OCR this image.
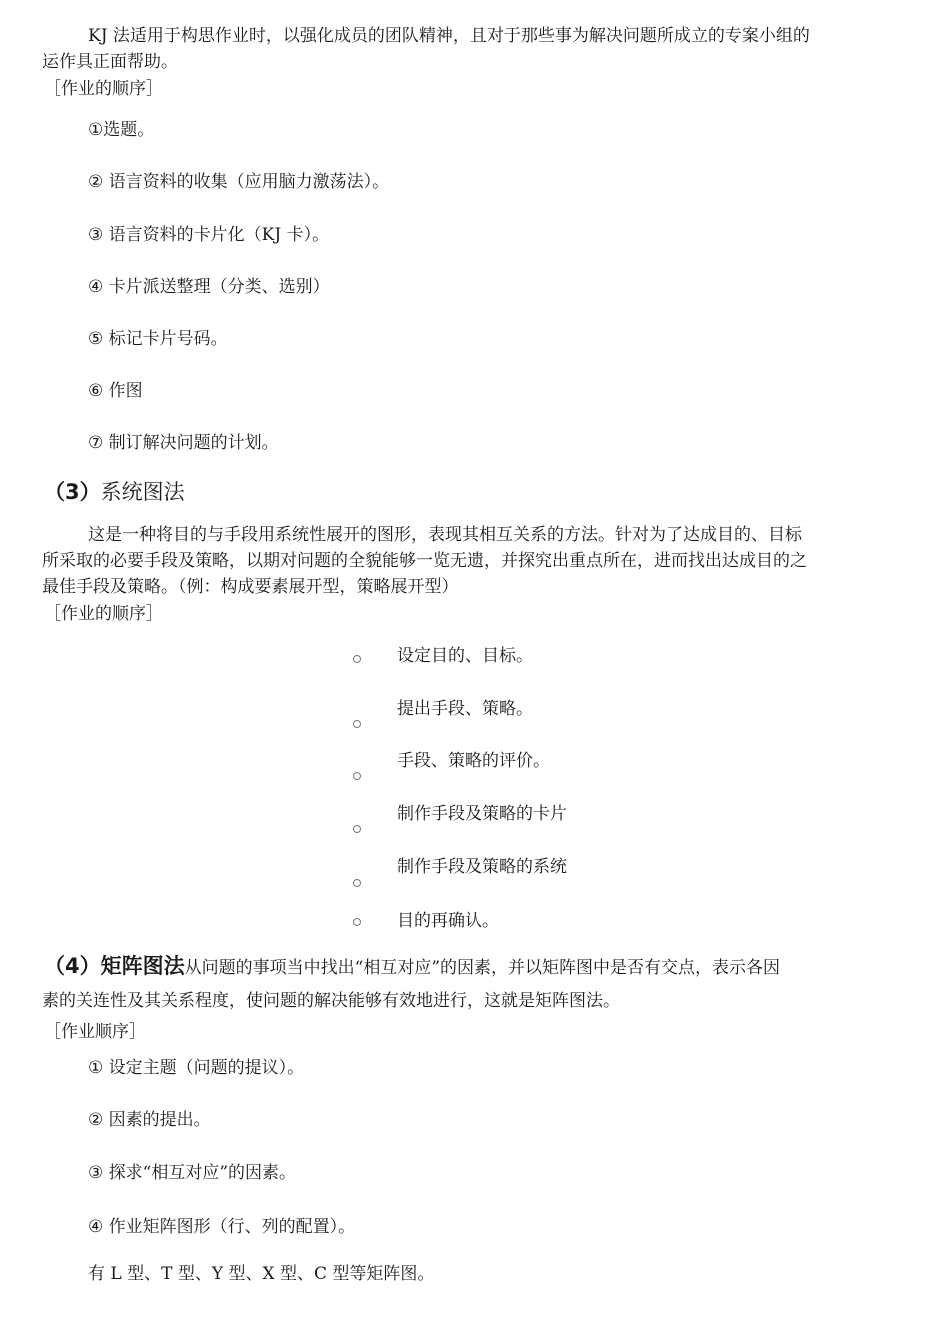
KJ 法适用于构思作业时，以强化成员的团队精神，且对于那些事为解决问题所成立的专案小组的
运作具正面帮助。
［作业的顺序］
①选题。
② 语言资料的收集（应用脑力激荡法）。
③ 语言资料的卡片化（KJ 卡）。
④ 卡片派送整理（分类、选别）
⑤ 标记卡片号码。
⑥ 作图
⑦ 制订解决问题的计划。
（3）系统图法
这是一种将目的与手段用系统性展开的图形，表现其相互关系的方法。针对为了达成目的、目标
所采取的必要手段及策略，以期对问题的全貌能够一览无遗，并探究出重点所在，进而找出达成目的之
最佳手段及策略。（例：构成要素展开型，策略展开型）
［作业的顺序］
设定目的、目标。
提出手段、策略。
手段、策略的评价。
制作手段及策略的卡片
制作手段及策略的系统
目的再确认。
（4）矩阵图法从问题的事项当中找出“相互对应”的因素，并以矩阵图中是否有交点，表示各因
素的关连性及其关系程度，使问题的解决能够有效地进行，这就是矩阵图法。
［作业顺序］
① 设定主题（问题的提议）。
② 因素的提出。
③ 探求“相互对应”的因素。
④ 作业矩阵图形（行、列的配置）。
有 L 型、T 型、Y 型、X 型、C 型等矩阵图。
